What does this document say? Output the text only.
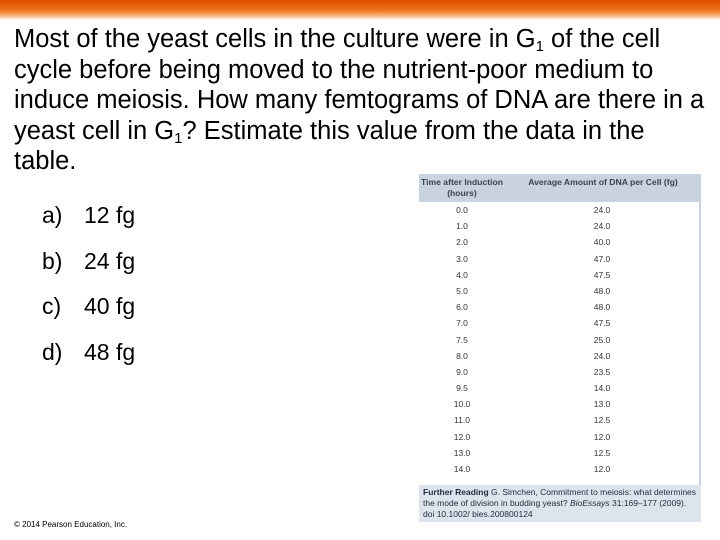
Most of the yeast cells in the culture were in $G_1$ of the cell cycle before being moved to the nutrient-poor medium to induce meiosis. How many femtograms of DNA are there in a yeast cell in $G_1$? Estimate this value from the data in the table.

a) 12 fg
b) 24 fg
c) 40 fg
d) 48 fg
Time after Induction (hours)
Average Amount of DNA per Cell (fg)
0.0	24.0
1.0	24.0
2.0	40.0
3.0	47.0
4.0	47.5
5.0	48.0
6.0	48.0
7.0	47.5
7.5	25.0
8.0	24.0
9.0	23.5
9.5	14.0
10.0	13.0
11.0	12.5
12.0	12.0
13.0	12.5
14.0	12.0
Further Reading G. Simchen, Commitment to meiosis: what determines the mode of division in budding yeast? BioEssays 31:169–177 (2009). doi 10.1002/ bies.200800124
© 2014 Pearson Education, Inc.
